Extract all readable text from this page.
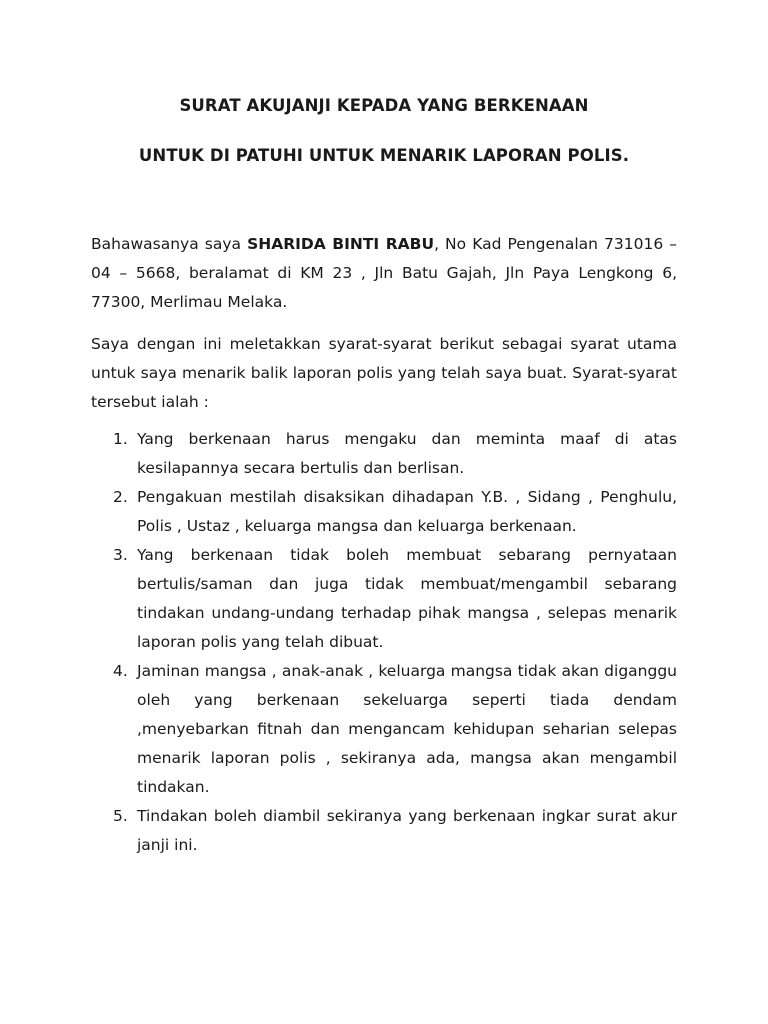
SURAT AKUJANJI KEPADA YANG BERKENAAN
UNTUK DI PATUHI UNTUK MENARIK LAPORAN POLIS.

Bahawasanya saya SHARIDA BINTI RABU, No Kad Pengenalan 731016 – 04 – 5668, beralamat di KM 23 , Jln Batu Gajah, Jln Paya Lengkong 6, 77300, Merlimau Melaka.

Saya dengan ini meletakkan syarat-syarat berikut sebagai syarat utama untuk saya menarik balik laporan polis yang telah saya buat. Syarat-syarat tersebut ialah :

1. Yang berkenaan harus mengaku dan meminta maaf di atas kesilapannya secara bertulis dan berlisan.
2. Pengakuan mestilah disaksikan dihadapan Y.B. , Sidang , Penghulu, Polis , Ustaz , keluarga mangsa dan keluarga berkenaan.
3. Yang berkenaan tidak boleh membuat sebarang pernyataan bertulis/saman dan juga tidak membuat/mengambil sebarang tindakan undang-undang terhadap pihak mangsa , selepas menarik laporan polis yang telah dibuat.
4. Jaminan mangsa , anak-anak , keluarga mangsa tidak akan diganggu oleh yang berkenaan sekeluarga seperti tiada dendam ,menyebarkan fitnah dan mengancam kehidupan seharian selepas menarik laporan polis , sekiranya ada, mangsa akan mengambil tindakan.
5. Tindakan boleh diambil sekiranya yang berkenaan ingkar surat akur janji ini.
